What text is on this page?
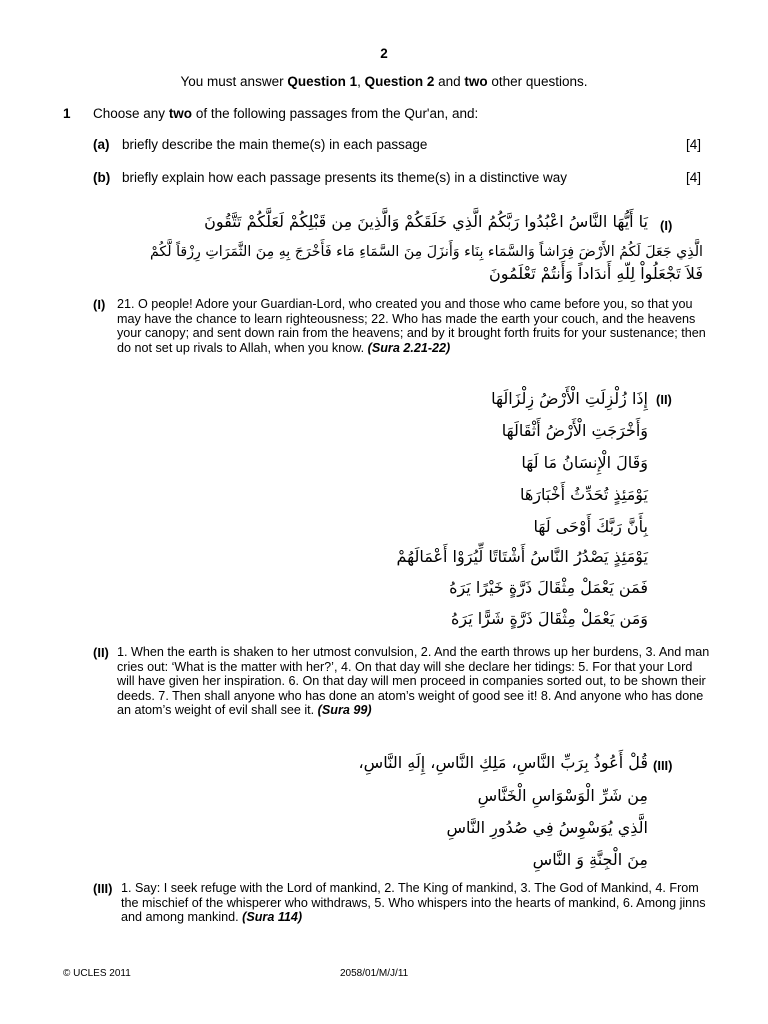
2
You must answer Question 1, Question 2 and two other questions.
1 Choose any two of the following passages from the Qur'an, and:
(a) briefly describe the main theme(s) in each passage	[4]
(b) briefly explain how each passage presents its theme(s) in a distinctive way	[4]
(I)
يَا أَيُّهَا النَّاسُ اعْبُدُوا رَبَّكُمُ الَّذِي خَلَقَكُمْ وَالَّذِينَ مِن قَبْلِكُمْ لَعَلَّكُمْ تَتَّقُونَ
الَّذِي جَعَلَ لَكُمُ الأَرْضَ فِرَاشاً وَالسَّمَاء بِنَاء وَأَنزَلَ مِنَ السَّمَاءِ مَاء فَأَخْرَجَ بِهِ مِنَ الثَّمَرَاتِ رِزْقاً لَّكُمْ
فَلاَ تَجْعَلُواْ لِلّهِ أَندَاداً وَأَنتُمْ تَعْلَمُونَ
(I) 21. O people! Adore your Guardian-Lord, who created you and those who came before you, so that you may have the chance to learn righteousness; 22. Who has made the earth your couch, and the heavens your canopy; and sent down rain from the heavens; and by it brought forth fruits for your sustenance; then do not set up rivals to Allah, when you know. (Sura 2.21-22)
(II)
إِذَا زُلْزِلَتِ الْأَرْضُ زِلْزَالَهَا
وَأَخْرَجَتِ الْأَرْضُ أَثْقَالَهَا
وَقَالَ الْإِنسَانُ مَا لَهَا
يَوْمَئِذٍ تُحَدِّثُ أَخْبَارَهَا
بِأَنَّ رَبَّكَ أَوْحَى لَهَا
يَوْمَئِذٍ يَصْدُرُ النَّاسُ أَشْتَاتًا لِّيُرَوْا أَعْمَالَهُمْ
فَمَن يَعْمَلْ مِثْقَالَ ذَرَّةٍ خَيْرًا يَرَهُ
وَمَن يَعْمَلْ مِثْقَالَ ذَرَّةٍ شَرًّا يَرَهُ
(II) 1. When the earth is shaken to her utmost convulsion, 2. And the earth throws up her burdens, 3. And man cries out: ‘What is the matter with her?’, 4. On that day will she declare her tidings: 5. For that your Lord will have given her inspiration. 6. On that day will men proceed in companies sorted out, to be shown their deeds. 7. Then shall anyone who has done an atom’s weight of good see it! 8. And anyone who has done an atom’s weight of evil shall see it. (Sura 99)
(III)
قُلْ أَعُوذُ بِرَبِّ النَّاسِ، مَلِكِ النَّاسِ، إِلَهِ النَّاسِ،
مِن شَرِّ الْوَسْوَاسِ الْخَنَّاسِ
الَّذِي يُوَسْوِسُ فِي صُدُورِ النَّاسِ
مِنَ الْجِنَّةِ وَ النَّاسِ
(III) 1. Say: I seek refuge with the Lord of mankind, 2. The King of mankind, 3. The God of Mankind, 4. From the mischief of the whisperer who withdraws, 5. Who whispers into the hearts of mankind, 6. Among jinns and among mankind. (Sura 114)
© UCLES 2011	2058/01/M/J/11
